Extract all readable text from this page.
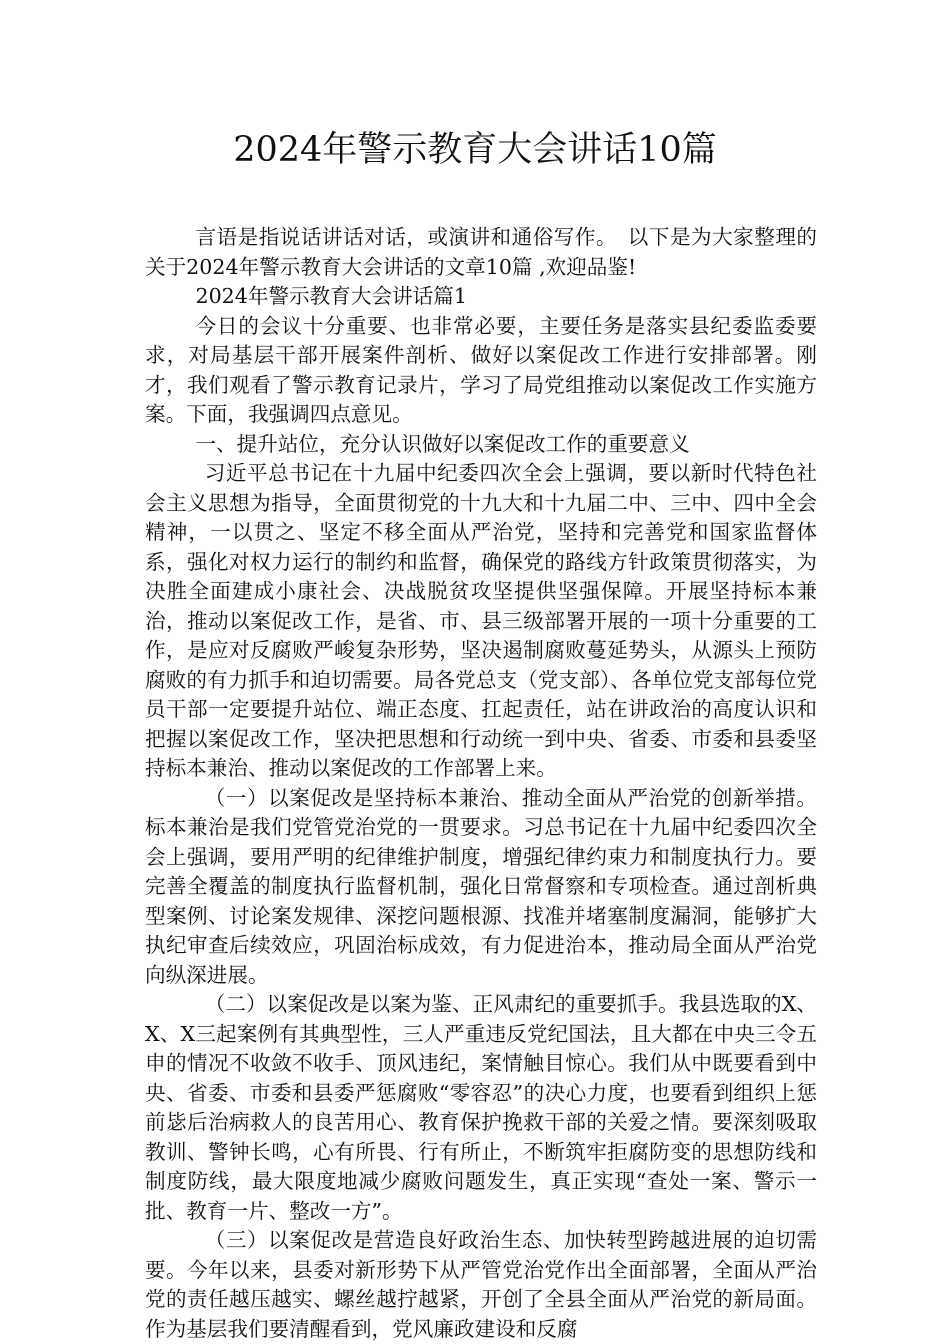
2024年警示教育大会讲话10篇

言语是指说话讲话对话，或演讲和通俗写作。　以下是为大家整理的关于2024年警示教育大会讲话的文章10篇 ,欢迎品鉴!

2024年警示教育大会讲话篇1

今日的会议十分重要、也非常必要，主要任务是落实县纪委监委要求，对局基层干部开展案件剖析、做好以案促改工作进行安排部署。刚才，我们观看了警示教育记录片，学习了局党组推动以案促改工作实施方案。下面，我强调四点意见。

一、提升站位，充分认识做好以案促改工作的重要意义

习近平总书记在十九届中纪委四次全会上强调，要以新时代特色社会主义思想为指导，全面贯彻党的十九大和十九届二中、三中、四中全会精神，一以贯之、坚定不移全面从严治党，坚持和完善党和国家监督体系，强化对权力运行的制约和监督，确保党的路线方针政策贯彻落实，为决胜全面建成小康社会、决战脱贫攻坚提供坚强保障。开展坚持标本兼治，推动以案促改工作，是省、市、县三级部署开展的一项十分重要的工作，是应对反腐败严峻复杂形势，坚决遏制腐败蔓延势头，从源头上预防腐败的有力抓手和迫切需要。局各党总支（党支部）、各单位党支部每位党员干部一定要提升站位、端正态度、扛起责任，站在讲政治的高度认识和把握以案促改工作，坚决把思想和行动统一到中央、省委、市委和县委坚持标本兼治、推动以案促改的工作部署上来。

（一）以案促改是坚持标本兼治、推动全面从严治党的创新举措。标本兼治是我们党管党治党的一贯要求。习总书记在十九届中纪委四次全会上强调，要用严明的纪律维护制度，增强纪律约束力和制度执行力。要完善全覆盖的制度执行监督机制，强化日常督察和专项检查。通过剖析典型案例、讨论案发规律、深挖问题根源、找准并堵塞制度漏洞，能够扩大执纪审查后续效应，巩固治标成效，有力促进治本，推动局全面从严治党向纵深进展。

（二）以案促改是以案为鉴、正风肃纪的重要抓手。我县选取的X、X、X三起案例有其典型性，三人严重违反党纪国法，且大都在中央三令五申的情况不收敛不收手、顶风违纪，案情触目惊心。我们从中既要看到中央、省委、市委和县委严惩腐败“零容忍”的决心力度，也要看到组织上惩前毖后治病救人的良苦用心、教育保护挽救干部的关爱之情。要深刻吸取教训、警钟长鸣，心有所畏、行有所止，不断筑牢拒腐防变的思想防线和制度防线，最大限度地减少腐败问题发生，真正实现“查处一案、警示一批、教育一片、整改一方”。

（三）以案促改是营造良好政治生态、加快转型跨越进展的迫切需要。今年以来，县委对新形势下从严管党治党作出全面部署，全面从严治党的责任越压越实、螺丝越拧越紧，开创了全县全面从严治党的新局面。作为基层我们要清醒看到，党风廉政建设和反腐
